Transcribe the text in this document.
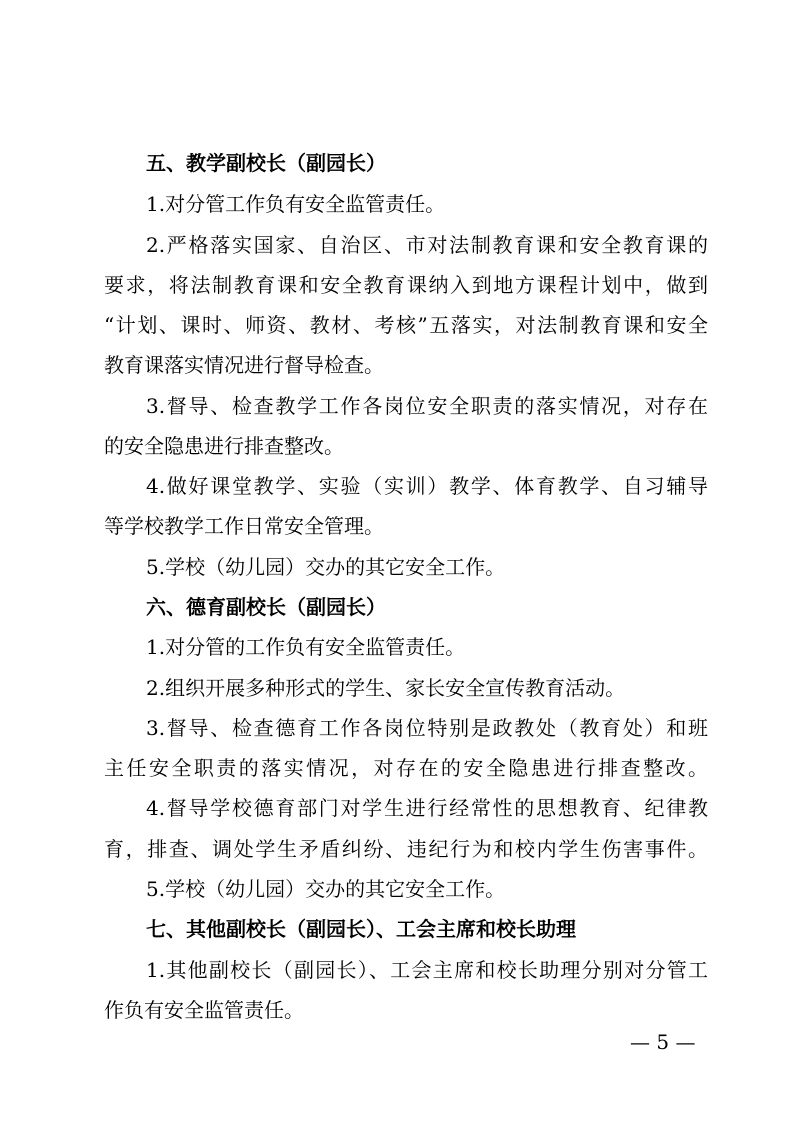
五、教学副校长（副园长）
1.对分管工作负有安全监管责任。
2.严格落实国家、自治区、市对法制教育课和安全教育课的
要求，将法制教育课和安全教育课纳入到地方课程计划中，做到
“计划、课时、师资、教材、考核”五落实，对法制教育课和安全
教育课落实情况进行督导检查。
3.督导、检查教学工作各岗位安全职责的落实情况，对存在
的安全隐患进行排查整改。
4.做好课堂教学、实验（实训）教学、体育教学、自习辅导
等学校教学工作日常安全管理。
5.学校（幼儿园）交办的其它安全工作。
六、德育副校长（副园长）
1.对分管的工作负有安全监管责任。
2.组织开展多种形式的学生、家长安全宣传教育活动。
3.督导、检查德育工作各岗位特别是政教处（教育处）和班
主任安全职责的落实情况，对存在的安全隐患进行排查整改。
4.督导学校德育部门对学生进行经常性的思想教育、纪律教
育，排查、调处学生矛盾纠纷、违纪行为和校内学生伤害事件。
5.学校（幼儿园）交办的其它安全工作。
七、其他副校长（副园长）、工会主席和校长助理
1.其他副校长（副园长）、工会主席和校长助理分别对分管工
作负有安全监管责任。
— 5 —
